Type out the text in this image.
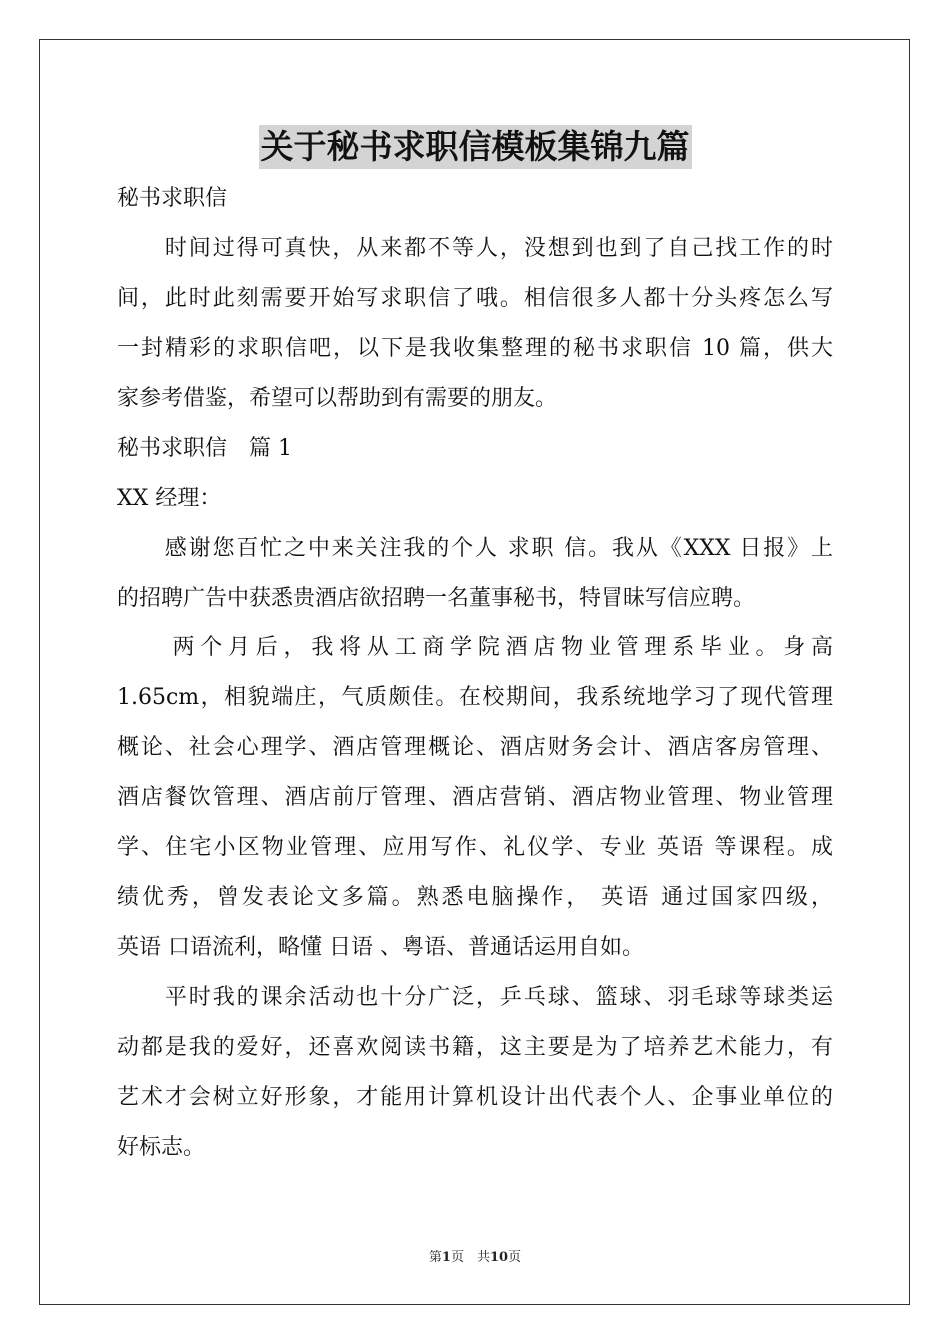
关于秘书求职信模板集锦九篇
秘书求职信
　　时间过得可真快，从来都不等人，没想到也到了自己找工作的时
间，此时此刻需要开始写求职信了哦。相信很多人都十分头疼怎么写
一封精彩的求职信吧，以下是我收集整理的秘书求职信 10 篇，供大
家参考借鉴，希望可以帮助到有需要的朋友。
秘书求职信　篇 1
XX 经理：
　　感谢您百忙之中来关注我的个人 求职 信。我从《XXX 日报》上
的招聘广告中获悉贵酒店欲招聘一名董事秘书，特冒昧写信应聘。
　　两个月后，我将从工商学院酒店物业管理系毕业。身高
1.65cm，相貌端庄，气质颇佳。在校期间，我系统地学习了现代管理
概论、社会心理学、酒店管理概论、酒店财务会计、酒店客房管理、
酒店餐饮管理、酒店前厅管理、酒店营销、酒店物业管理、物业管理
学、住宅小区物业管理、应用写作、礼仪学、专业 英语 等课程。成
绩优秀，曾发表论文多篇。熟悉电脑操作， 英语 通过国家四级，
英语 口语流利，略懂 日语 、粤语、普通话运用自如。
　　平时我的课余活动也十分广泛，乒乓球、篮球、羽毛球等球类运
动都是我的爱好，还喜欢阅读书籍，这主要是为了培养艺术能力，有
艺术才会树立好形象，才能用计算机设计出代表个人、企事业单位的
好标志。
第1页　共10页
